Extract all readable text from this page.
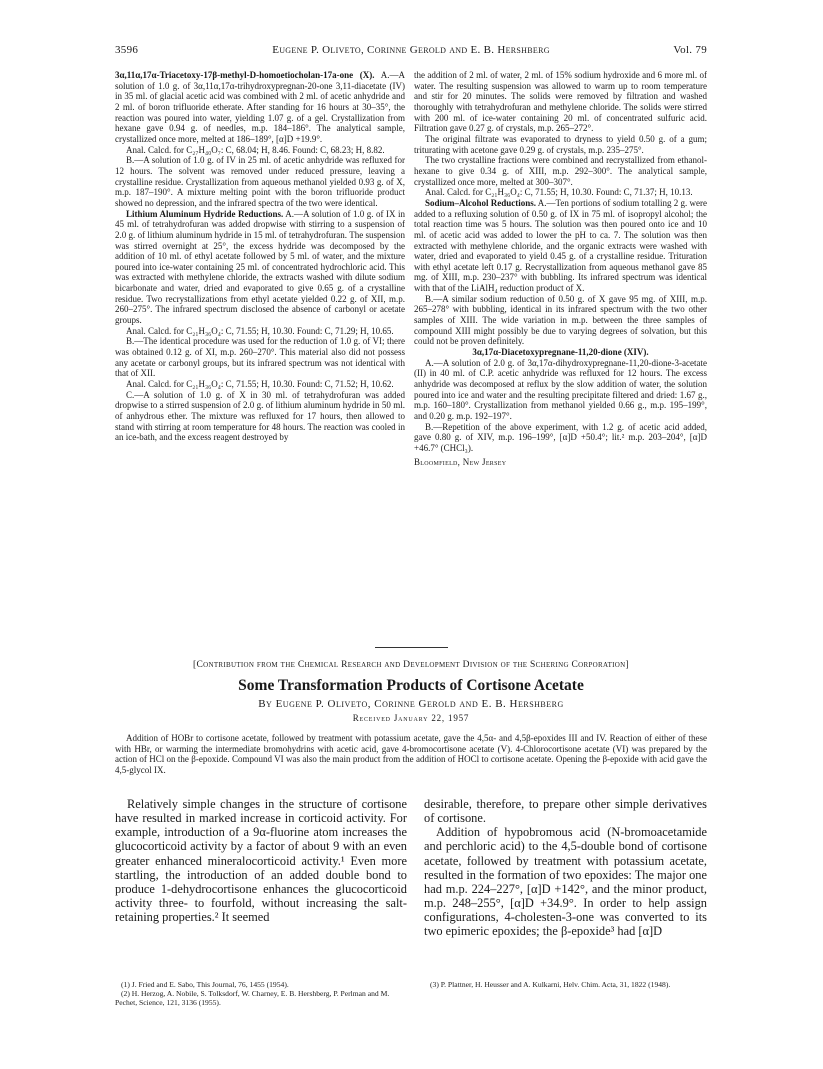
3596	Eugene P. Oliveto, Corinne Gerold and E. B. Hershberg	Vol. 79

3α,11α,17α-Triacetoxy-17β-methyl-D-homoetiocholan-17a-one (X). A.—A solution of 1.0 g. of 3α,11α,17α-trihydroxypregnan-20-one 3,11-diacetate (IV) in 35 ml. of glacial acetic acid was combined with 2 ml. of acetic anhydride and 2 ml. of boron trifluoride etherate. After standing for 16 hours at 30–35°, the reaction was poured into water, yielding 1.07 g. of a gel. Crystallization from hexane gave 0.94 g. of needles, m.p. 184–186°. The analytical sample, crystallized once more, melted at 186–189°, [α]D +19.9°.

Anal. Calcd. for C₂₇H₄₀O₇: C, 68.04; H, 8.46. Found: C, 68.23; H, 8.82.

B.—A solution of 1.0 g. of IV in 25 ml. of acetic anhydride was refluxed for 12 hours. The solvent was removed under reduced pressure, leaving a crystalline residue. Crystallization from aqueous methanol yielded 0.93 g. of X, m.p. 187–190°. A mixture melting point with the boron trifluoride product showed no depression, and the infrared spectra of the two were identical.

Lithium Aluminum Hydride Reductions. A.—A solution of 1.0 g. of IX in 45 ml. of tetrahydrofuran was added dropwise with stirring to a suspension of 2.0 g. of lithium aluminum hydride in 15 ml. of tetrahydrofuran. The suspension was stirred overnight at 25°, the excess hydride was decomposed by the addition of 10 ml. of ethyl acetate followed by 5 ml. of water, and the mixture poured into ice-water containing 25 ml. of concentrated hydrochloric acid. This was extracted with methylene chloride, the extracts washed with dilute sodium bicarbonate and water, dried and evaporated to give 0.65 g. of a crystalline residue. Two recrystallizations from ethyl acetate yielded 0.22 g. of XII, m.p. 260–275°. The infrared spectrum disclosed the absence of carbonyl or acetate groups.

Anal. Calcd. for C₂₁H₃₆O₄: C, 71.55; H, 10.30. Found: C, 71.29; H, 10.65.

B.—The identical procedure was used for the reduction of 1.0 g. of VI; there was obtained 0.12 g. of XI, m.p. 260–270°. This material also did not possess any acetate or carbonyl groups, but its infrared spectrum was not identical with that of XII.

Anal. Calcd. for C₂₁H₃₆O₄: C, 71.55; H, 10.30. Found: C, 71.52; H, 10.62.

C.—A solution of 1.0 g. of X in 30 ml. of tetrahydrofuran was added dropwise to a stirred suspension of 2.0 g. of lithium aluminum hydride in 50 ml. of anhydrous ether. The mixture was refluxed for 17 hours, then allowed to stand with stirring at room temperature for 48 hours. The reaction was cooled in an ice-bath, and the excess reagent destroyed by

the addition of 2 ml. of water, 2 ml. of 15% sodium hydroxide and 6 more ml. of water. The resulting suspension was allowed to warm up to room temperature and stir for 20 minutes. The solids were removed by filtration and washed thoroughly with tetrahydrofuran and methylene chloride. The solids were stirred with 200 ml. of ice-water containing 20 ml. of concentrated sulfuric acid. Filtration gave 0.27 g. of crystals, m.p. 265–272°.

The original filtrate was evaporated to dryness to yield 0.50 g. of a gum; triturating with acetone gave 0.29 g. of crystals, m.p. 235–275°.

The two crystalline fractions were combined and recrystallized from ethanol-hexane to give 0.34 g. of XIII, m.p. 292–300°. The analytical sample, crystallized once more, melted at 300–307°.

Anal. Calcd. for C₂₁H₃₆O₄: C, 71.55; H, 10.30. Found: C, 71.37; H, 10.13.

Sodium–Alcohol Reductions. A.—Ten portions of sodium totalling 2 g. were added to a refluxing solution of 0.50 g. of IX in 75 ml. of isopropyl alcohol; the total reaction time was 5 hours. The solution was then poured onto ice and 10 ml. of acetic acid was added to lower the pH to ca. 7. The solution was then extracted with methylene chloride, and the organic extracts were washed with water, dried and evaporated to yield 0.45 g. of a crystalline residue. Trituration with ethyl acetate left 0.17 g. Recrystallization from aqueous methanol gave 85 mg. of XIII, m.p. 230–237° with bubbling. Its infrared spectrum was identical with that of the LiAlH₄ reduction product of X.

B.—A similar sodium reduction of 0.50 g. of X gave 95 mg. of XIII, m.p. 265–278° with bubbling, identical in its infrared spectrum with the two other samples of XIII. The wide variation in m.p. between the three samples of compound XIII might possibly be due to varying degrees of solvation, but this could not be proven definitely.

3α,17α-Diacetoxypregnane-11,20-dione (XIV).

A.—A solution of 2.0 g. of 3α,17α-dihydroxypregnane-11,20-dione-3-acetate (II) in 40 ml. of C.P. acetic anhydride was refluxed for 12 hours. The excess anhydride was decomposed at reflux by the slow addition of water, the solution poured into ice and water and the resulting precipitate filtered and dried: 1.67 g., m.p. 160–180°. Crystallization from methanol yielded 0.66 g., m.p. 195–199°, and 0.20 g. m.p. 192–197°.

B.—Repetition of the above experiment, with 1.2 g. of acetic acid added, gave 0.80 g. of XIV, m.p. 196–199°, [α]D +50.4°; lit.² m.p. 203–204°, [α]D +46.7° (CHCl₃).

Bloomfield, New Jersey

[Contribution from the Chemical Research and Development Division of the Schering Corporation]
Some Transformation Products of Cortisone Acetate
By Eugene P. Oliveto, Corinne Gerold and E. B. Hershberg
Received January 22, 1957
Addition of HOBr to cortisone acetate, followed by treatment with potassium acetate, gave the 4,5α- and 4,5β-epoxides III and IV. Reaction of either of these with HBr, or warming the intermediate bromohydrins with acetic acid, gave 4-bromocortisone acetate (V). 4-Chlorocortisone acetate (VI) was prepared by the action of HCl on the β-epoxide. Compound VI was also the main product from the addition of HOCl to cortisone acetate. Opening the β-epoxide with acid gave the 4,5-glycol IX.

Relatively simple changes in the structure of cortisone have resulted in marked increase in corticoid activity. For example, introduction of a 9α-fluorine atom increases the glucocorticoid activity by a factor of about 9 with an even greater enhanced mineralocorticoid activity.¹ Even more startling, the introduction of an added double bond to produce 1-dehydrocortisone enhances the glucocorticoid activity three- to fourfold, without increasing the salt-retaining properties.² It seemed

desirable, therefore, to prepare other simple derivatives of cortisone.

Addition of hypobromous acid (N-bromoacetamide and perchloric acid) to the 4,5-double bond of cortisone acetate, followed by treatment with potassium acetate, resulted in the formation of two epoxides: The major one had m.p. 224–227°, [α]D +142°, and the minor product, m.p. 248–255°, [α]D +34.9°. In order to help assign configurations, 4-cholesten-3-one was converted to its two epimeric epoxides; the β-epoxide³ had [α]D

(1) J. Fried and E. Sabo, This Journal, 76, 1455 (1954).

(2) H. Herzog, A. Nobile, S. Tolksdorf, W. Charney, E. B. Hershberg, P. Perlman and M. Pechet, Science, 121, 3136 (1955).

(3) P. Plattner, H. Heusser and A. Kulkarni, Helv. Chim. Acta, 31, 1822 (1948).
